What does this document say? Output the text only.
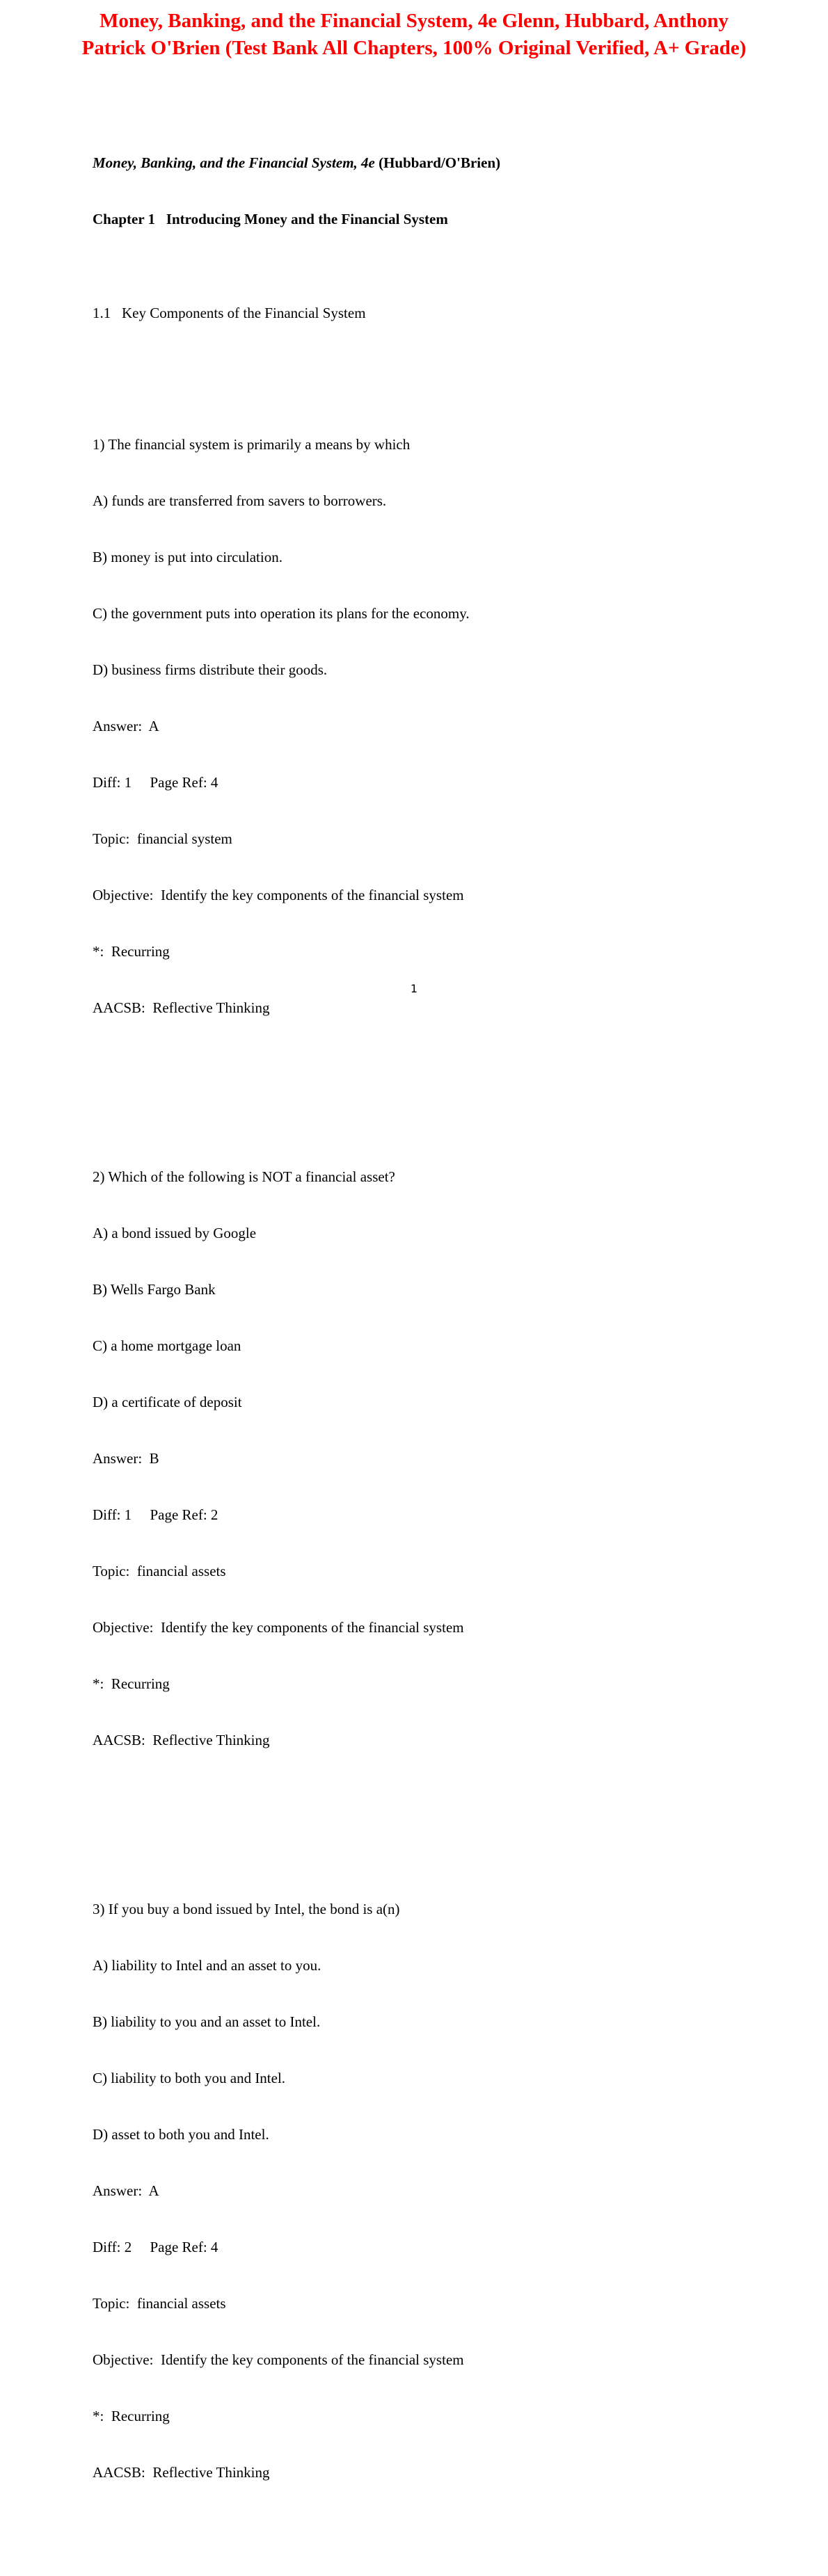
Money, Banking, and the Financial System, 4e Glenn, Hubbard, Anthony
Patrick O'Brien (Test Bank All Chapters, 100% Original Verified, A+ Grade)

Money, Banking, and the Financial System, 4e (Hubbard/O'Brien)

Chapter 1   Introducing Money and the Financial System

1.1   Key Components of the Financial System

1) The financial system is primarily a means by which

A) funds are transferred from savers to borrowers.

B) money is put into circulation.

C) the government puts into operation its plans for the economy.

D) business firms distribute their goods.

Answer:  A

Diff: 1     Page Ref: 4

Topic:  financial system

Objective:  Identify the key components of the financial system

*:  Recurring

AACSB:  Reflective Thinking

2) Which of the following is NOT a financial asset?

A) a bond issued by Google

B) Wells Fargo Bank

C) a home mortgage loan

D) a certificate of deposit

Answer:  B

Diff: 1     Page Ref: 2

Topic:  financial assets

Objective:  Identify the key components of the financial system

*:  Recurring

AACSB:  Reflective Thinking

3) If you buy a bond issued by Intel, the bond is a(n)

A) liability to Intel and an asset to you.

B) liability to you and an asset to Intel.

C) liability to both you and Intel.

D) asset to both you and Intel.

Answer:  A

Diff: 2     Page Ref: 4

Topic:  financial assets

Objective:  Identify the key components of the financial system

*:  Recurring

AACSB:  Reflective Thinking

1
